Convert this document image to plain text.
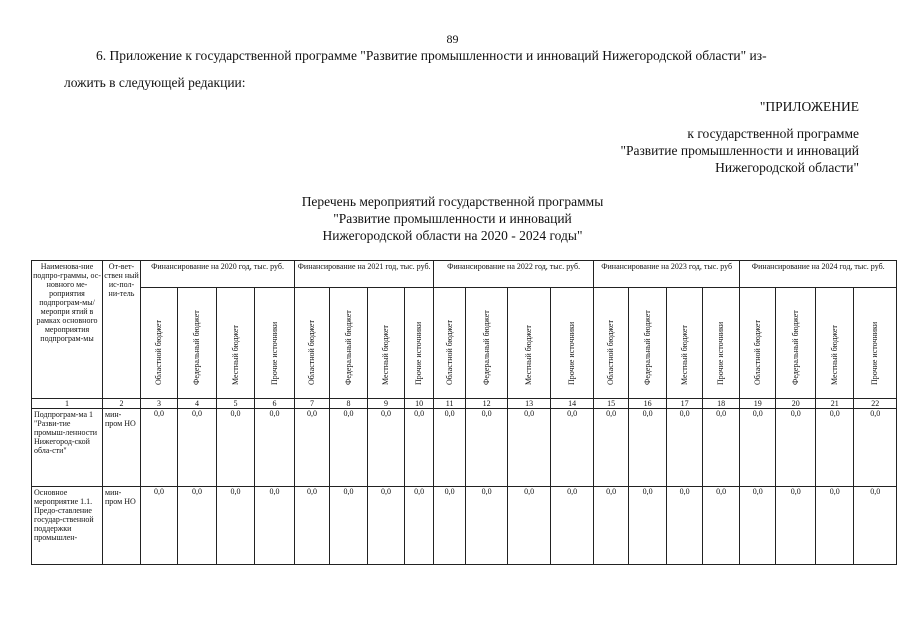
89
6. Приложение к государственной программе "Развитие промышленности и инноваций Нижегородской области" из-
ложить в следующей редакции:
"ПРИЛОЖЕНИЕ
к государственной программе
"Развитие промышленности и инноваций
Нижегородской области"
Перечень мероприятий государственной программы
"Развитие промышленности и инноваций
Нижегородской области на 2020 - 2024 годы"
Наименова-ние подпро-граммы, ос-новного ме-роприятия подпрограм-мы/меропри ятий в рамках основного мероприятия подпрограм-мы	От-вет-ствен ный ис-пол-ни-тель	Финансирование на 2020 год, тыс. руб.				Финансирование на 2021 год, тыс. руб.				Финансирование на 2022 год, тыс. руб.				Финансирование на 2023 год, тыс. руб				Финансирование на 2024 год, тыс. руб.			

		Областной бюджет	Федеральный бюджет	Местный бюджет	Прочие источники	Областной бюджет	Федеральный бюджет	Местный бюджет	Прочие источники	Областной бюджет	Федеральный бюджет	Местный бюджет	Прочие источники	Областной бюджет	Федеральный бюджет	Местный бюджет	Прочие источники	Областной бюджет	Федеральный бюджет	Местный бюджет	Прочие источники

1	2	3	4	5	6	7	8	9	10	11	12	13	14	15	16	17	18	19	20	21	22
Подпрограм-ма 1 "Разви-тие промыш-ленности Нижегород-ской обла-сти"	мин-пром НО	0,0	0,0	0,0	0,0	0,0	0,0	0,0	0,0	0,0	0,0	0,0	0,0	0,0	0,0	0,0	0,0	0,0	0,0	0,0	0,0
Основное мероприятие 1.1. Предо-ставление государ-ственной поддержки промышлен-	мин-пром НО	0,0	0,0	0,0	0,0	0,0	0,0	0,0	0,0	0,0	0,0	0,0	0,0	0,0	0,0	0,0	0,0	0,0	0,0	0,0	0,0
